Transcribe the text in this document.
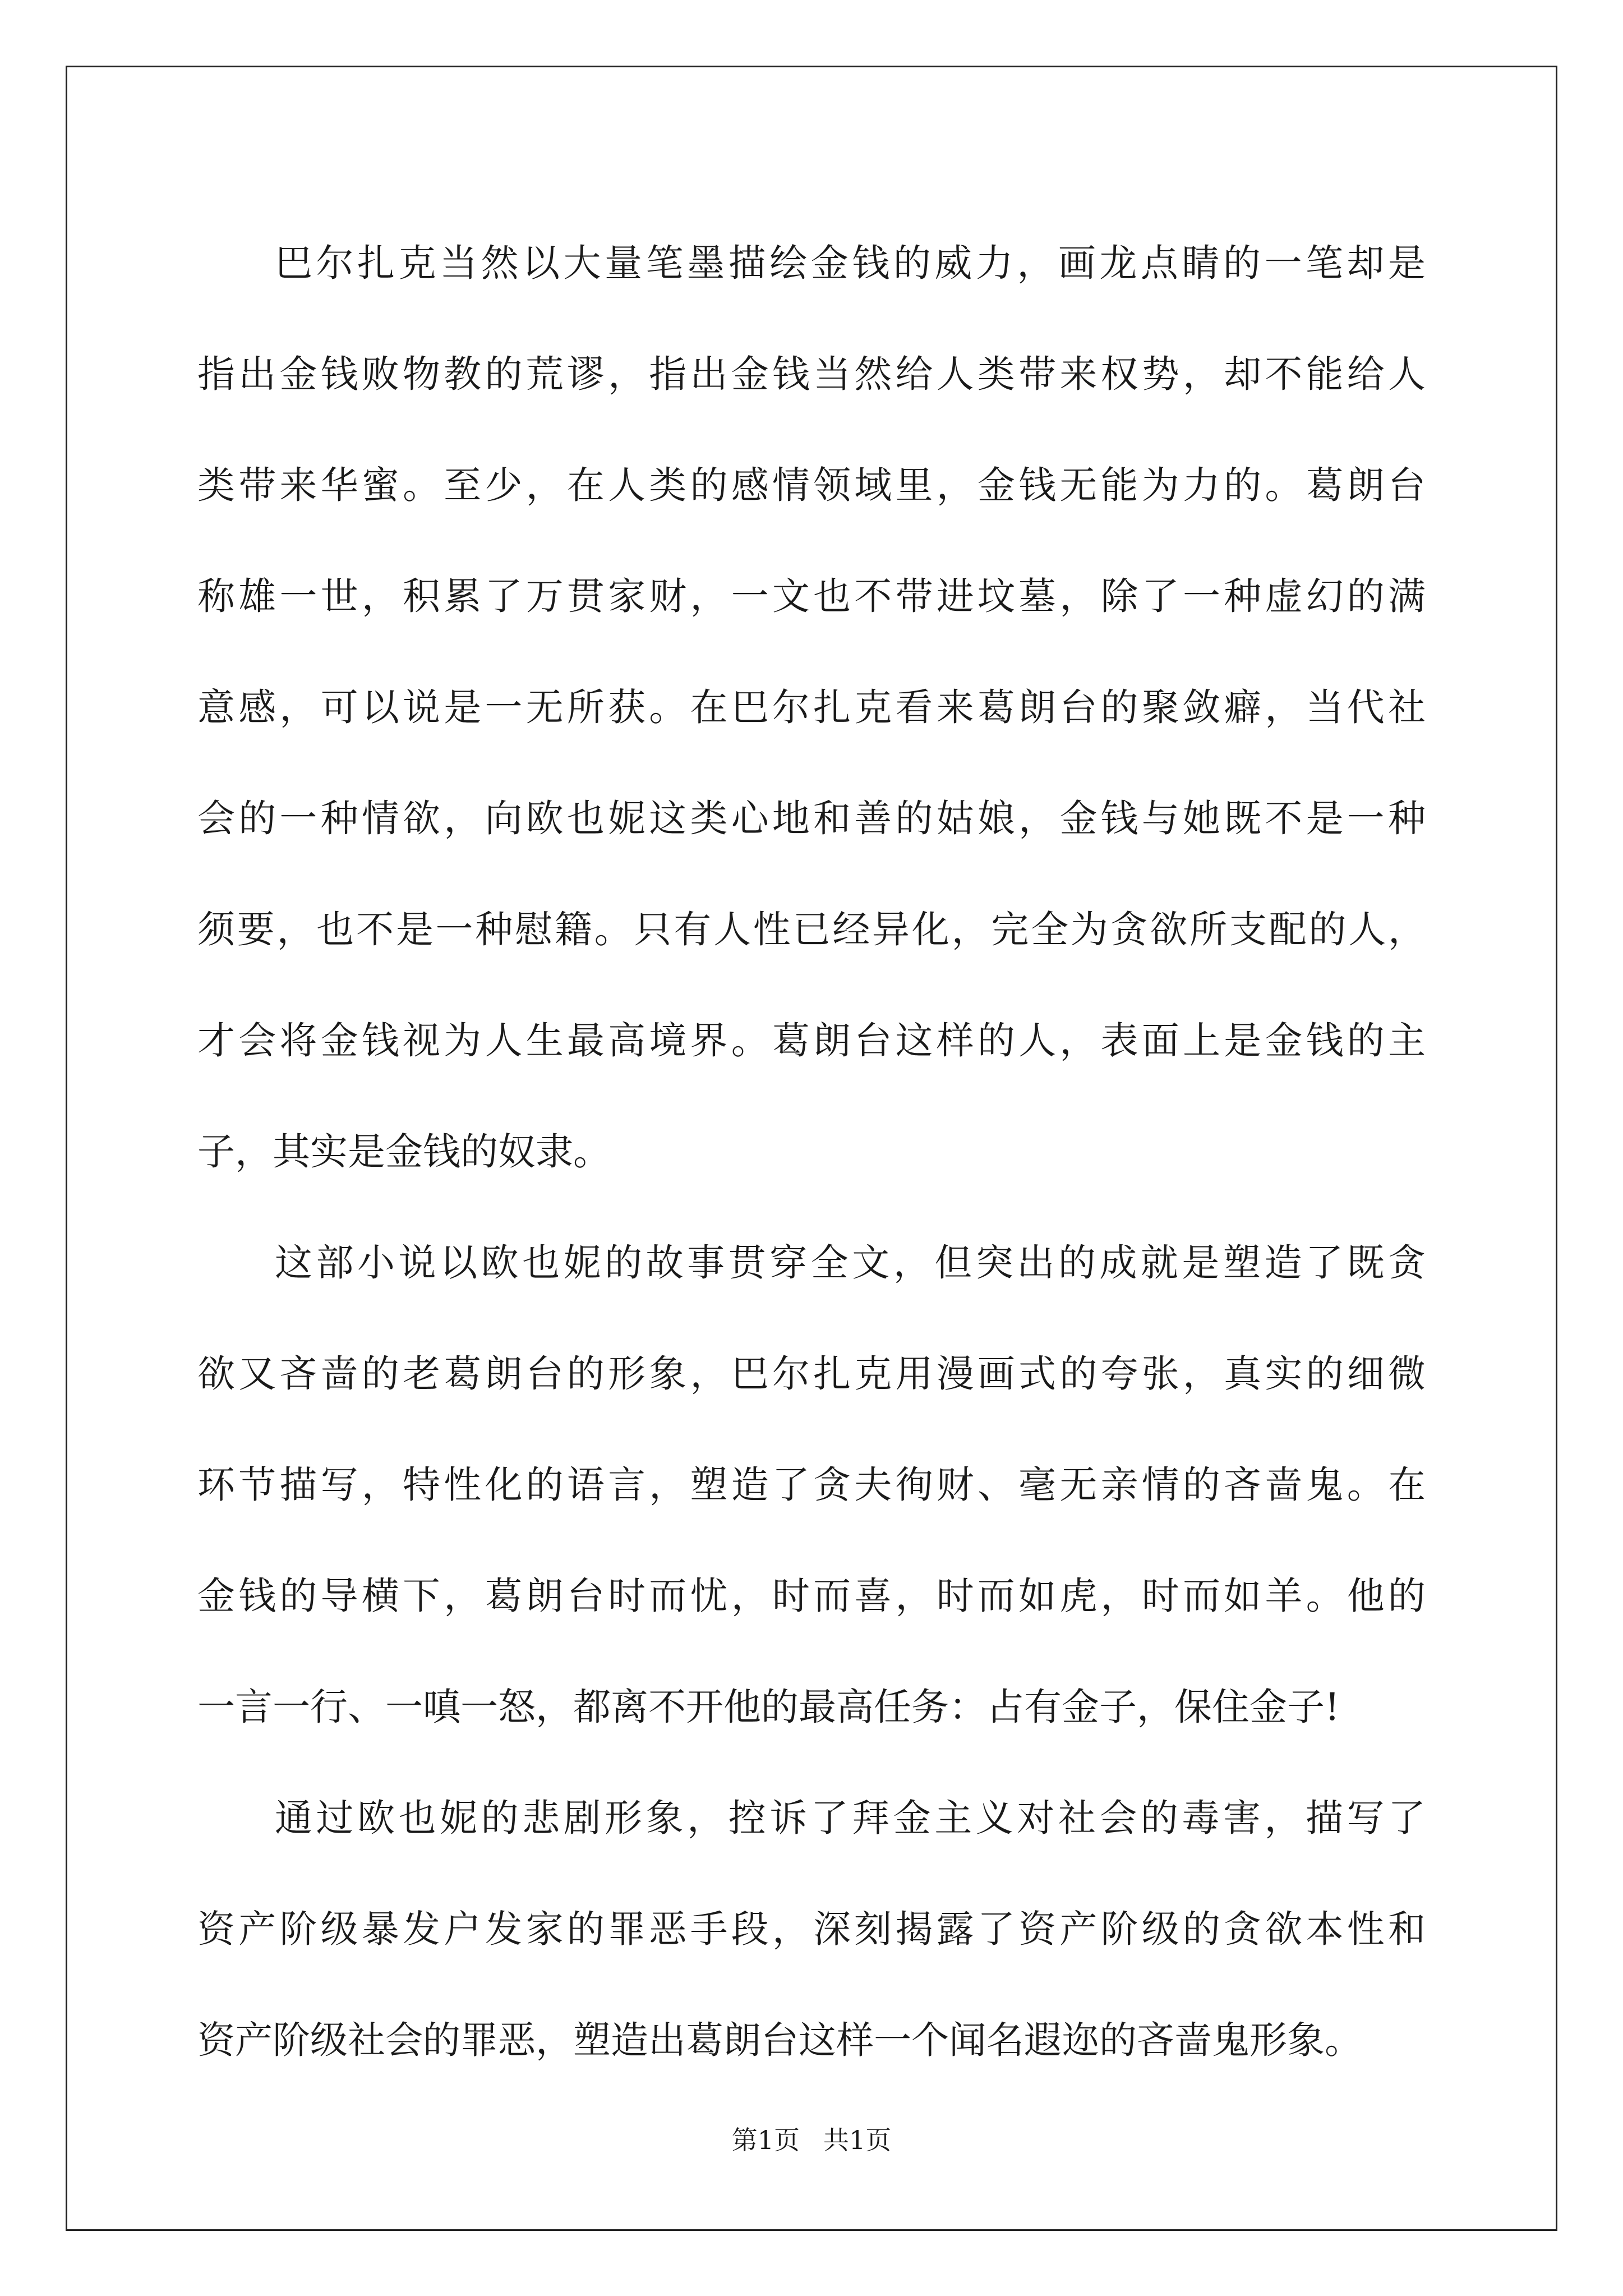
巴尔扎克当然以大量笔墨描绘金钱的威力，画龙点睛的一笔却是
指出金钱败物教的荒谬，指出金钱当然给人类带来权势，却不能给人
类带来华蜜。至少，在人类的感情领域里，金钱无能为力的。葛朗台
称雄一世，积累了万贯家财，一文也不带进坟墓，除了一种虚幻的满
意感，可以说是一无所获。在巴尔扎克看来葛朗台的聚敛癖，当代社
会的一种情欲，向欧也妮这类心地和善的姑娘，金钱与她既不是一种
须要，也不是一种慰籍。只有人性已经异化，完全为贪欲所支配的人，
才会将金钱视为人生最高境界。葛朗台这样的人，表面上是金钱的主
子，其实是金钱的奴隶。
这部小说以欧也妮的故事贯穿全文，但突出的成就是塑造了既贪
欲又吝啬的老葛朗台的形象，巴尔扎克用漫画式的夸张，真实的细微
环节描写，特性化的语言，塑造了贪夫徇财、毫无亲情的吝啬鬼。在
金钱的导横下，葛朗台时而忧，时而喜，时而如虎，时而如羊。他的
一言一行、一嗔一怒，都离不开他的最高任务：占有金子，保住金子!
通过欧也妮的悲剧形象，控诉了拜金主义对社会的毒害，描写了
资产阶级暴发户发家的罪恶手段，深刻揭露了资产阶级的贪欲本性和
资产阶级社会的罪恶，塑造出葛朗台这样一个闻名遐迩的吝啬鬼形象。
第1页 共1页
